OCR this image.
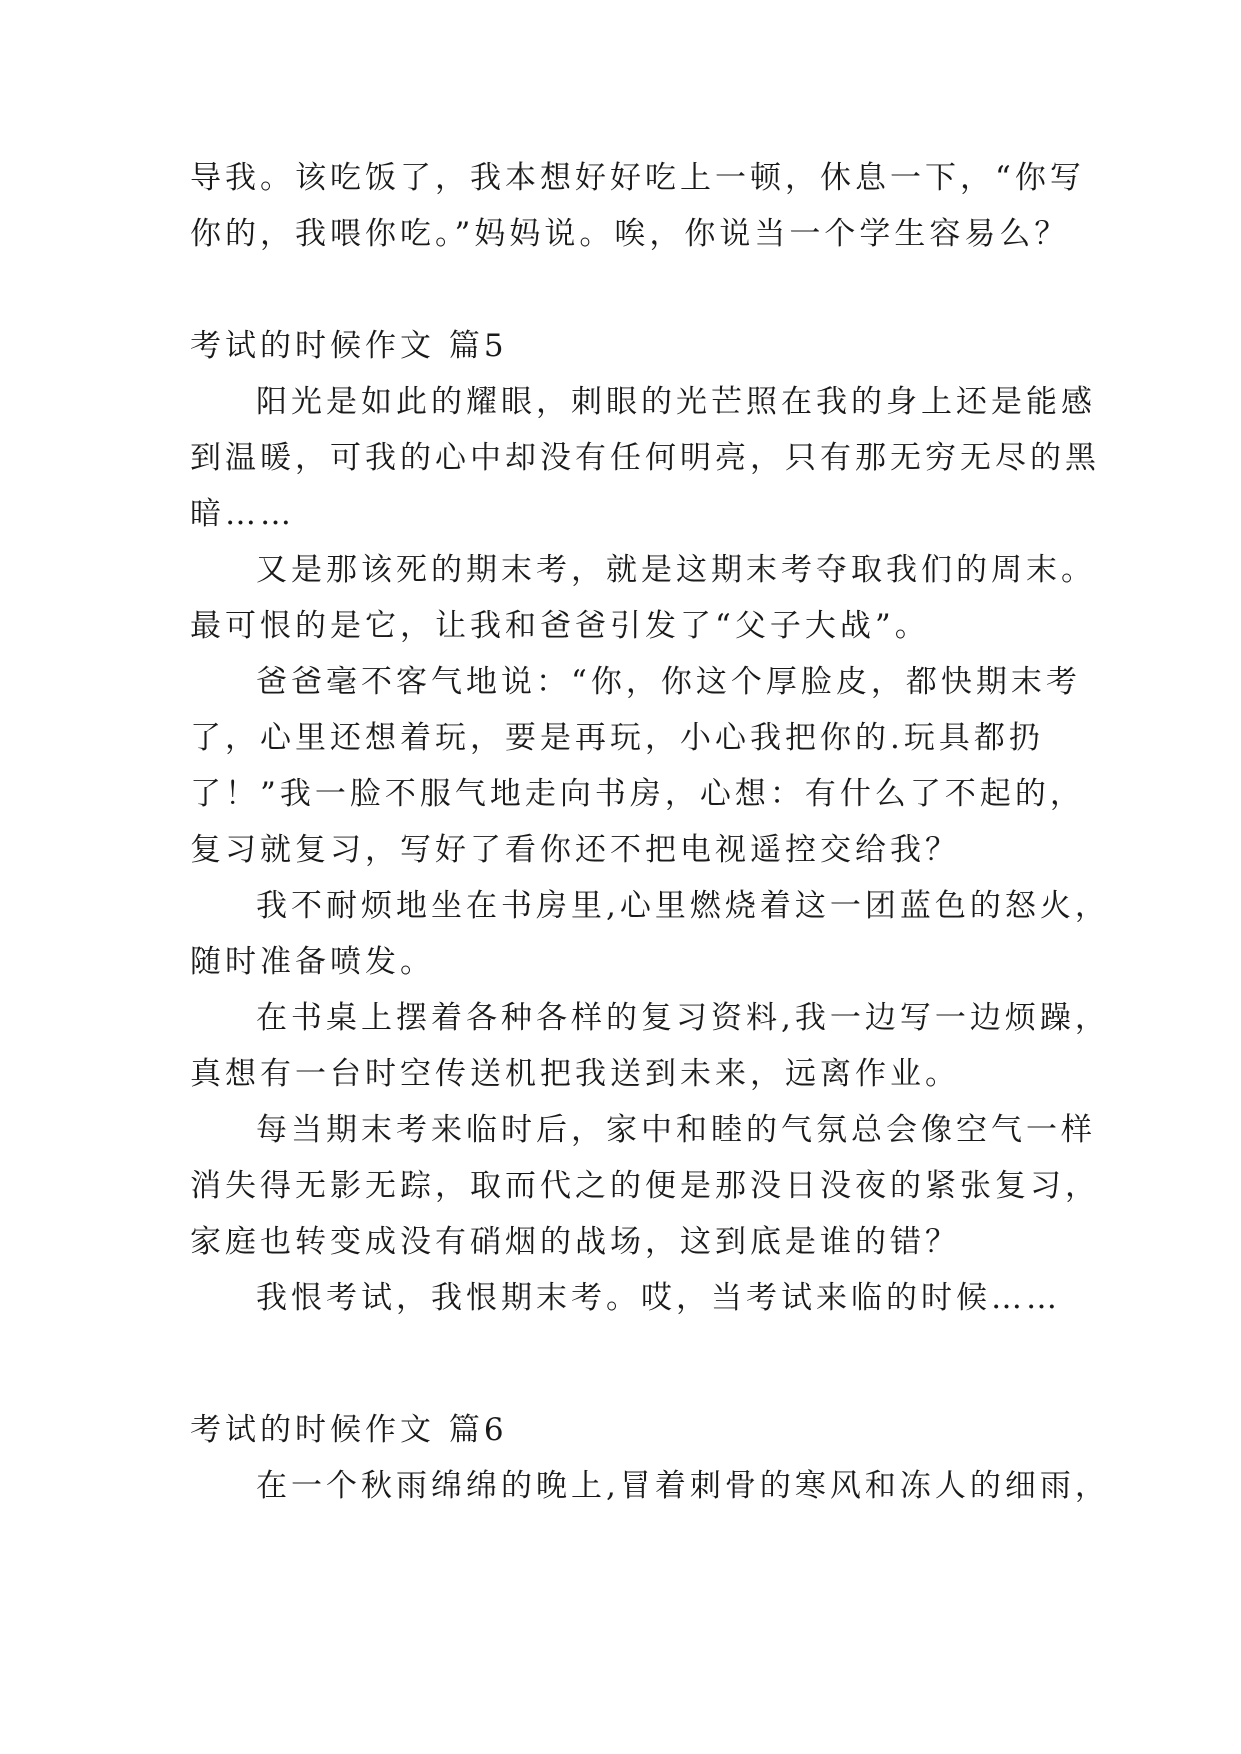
导我。该吃饭了，我本想好好吃上一顿，休息一下，“你写
你的，我喂你吃。”妈妈说。唉，你说当一个学生容易么？
考试的时候作文 篇5
阳光是如此的耀眼，刺眼的光芒照在我的身上还是能感
到温暖，可我的心中却没有任何明亮，只有那无穷无尽的黑
暗……
又是那该死的期末考，就是这期末考夺取我们的周末。
最可恨的是它，让我和爸爸引发了“父子大战”。
爸爸毫不客气地说：“你，你这个厚脸皮，都快期末考
了，心里还想着玩，要是再玩，小心我把你的.玩具都扔
了！”我一脸不服气地走向书房，心想：有什么了不起的，
复习就复习，写好了看你还不把电视遥控交给我？
我不耐烦地坐在书房里,心里燃烧着这一团蓝色的怒火，
随时准备喷发。
在书桌上摆着各种各样的复习资料,我一边写一边烦躁，
真想有一台时空传送机把我送到未来，远离作业。
每当期末考来临时后，家中和睦的气氛总会像空气一样
消失得无影无踪，取而代之的便是那没日没夜的紧张复习，
家庭也转变成没有硝烟的战场，这到底是谁的错？
我恨考试，我恨期末考。哎，当考试来临的时候……
考试的时候作文 篇6
在一个秋雨绵绵的晚上,冒着刺骨的寒风和冻人的细雨，
